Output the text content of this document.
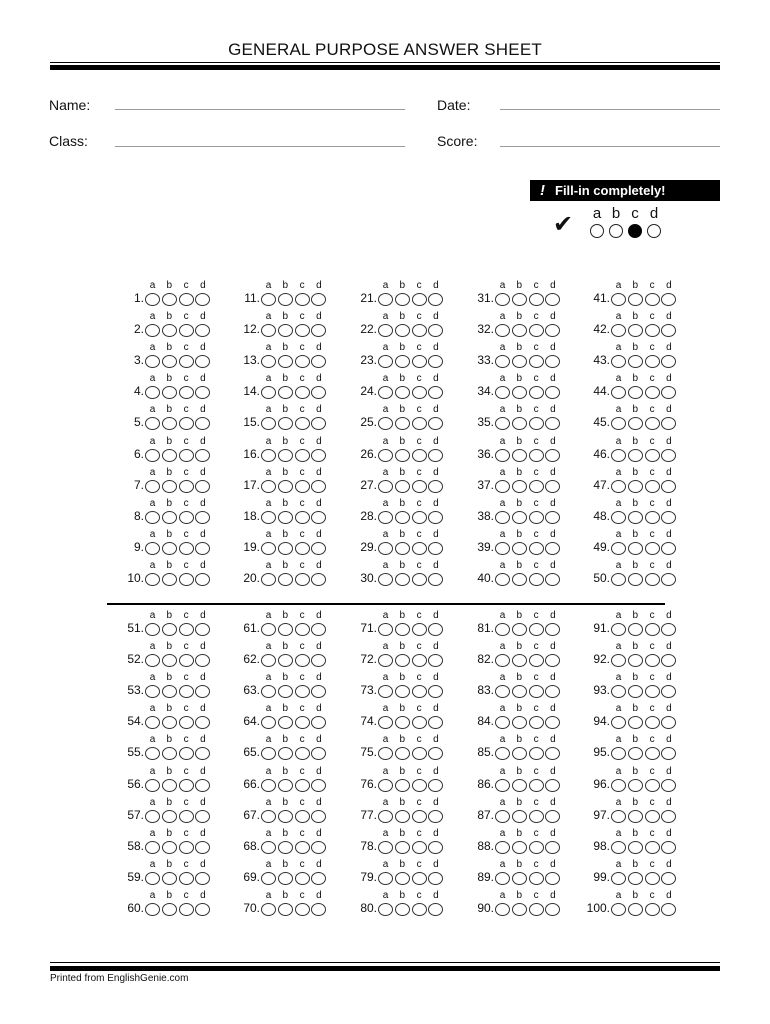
GENERAL PURPOSE ANSWER SHEET
Name:	Date:
Class:	Score:
! Fill-in completely!
✔	a b c d
a	b	c	d
1.
a	b	c	d
2.
a	b	c	d
3.
a	b	c	d
4.
a	b	c	d
5.
a	b	c	d
6.
a	b	c	d
7.
a	b	c	d
8.
a	b	c	d
9.
a	b	c	d
10.
a	b	c	d
11.
a	b	c	d
12.
a	b	c	d
13.
a	b	c	d
14.
a	b	c	d
15.
a	b	c	d
16.
a	b	c	d
17.
a	b	c	d
18.
a	b	c	d
19.
a	b	c	d
20.
a	b	c	d
21.
a	b	c	d
22.
a	b	c	d
23.
a	b	c	d
24.
a	b	c	d
25.
a	b	c	d
26.
a	b	c	d
27.
a	b	c	d
28.
a	b	c	d
29.
a	b	c	d
30.
a	b	c	d
31.
a	b	c	d
32.
a	b	c	d
33.
a	b	c	d
34.
a	b	c	d
35.
a	b	c	d
36.
a	b	c	d
37.
a	b	c	d
38.
a	b	c	d
39.
a	b	c	d
40.
a	b	c	d
41.
a	b	c	d
42.
a	b	c	d
43.
a	b	c	d
44.
a	b	c	d
45.
a	b	c	d
46.
a	b	c	d
47.
a	b	c	d
48.
a	b	c	d
49.
a	b	c	d
50.
a	b	c	d
51.
a	b	c	d
52.
a	b	c	d
53.
a	b	c	d
54.
a	b	c	d
55.
a	b	c	d
56.
a	b	c	d
57.
a	b	c	d
58.
a	b	c	d
59.
a	b	c	d
60.
a	b	c	d
61.
a	b	c	d
62.
a	b	c	d
63.
a	b	c	d
64.
a	b	c	d
65.
a	b	c	d
66.
a	b	c	d
67.
a	b	c	d
68.
a	b	c	d
69.
a	b	c	d
70.
a	b	c	d
71.
a	b	c	d
72.
a	b	c	d
73.
a	b	c	d
74.
a	b	c	d
75.
a	b	c	d
76.
a	b	c	d
77.
a	b	c	d
78.
a	b	c	d
79.
a	b	c	d
80.
a	b	c	d
81.
a	b	c	d
82.
a	b	c	d
83.
a	b	c	d
84.
a	b	c	d
85.
a	b	c	d
86.
a	b	c	d
87.
a	b	c	d
88.
a	b	c	d
89.
a	b	c	d
90.
a	b	c	d
91.
a	b	c	d
92.
a	b	c	d
93.
a	b	c	d
94.
a	b	c	d
95.
a	b	c	d
96.
a	b	c	d
97.
a	b	c	d
98.
a	b	c	d
99.
a	b	c	d
100.
Printed from EnglishGenie.com
